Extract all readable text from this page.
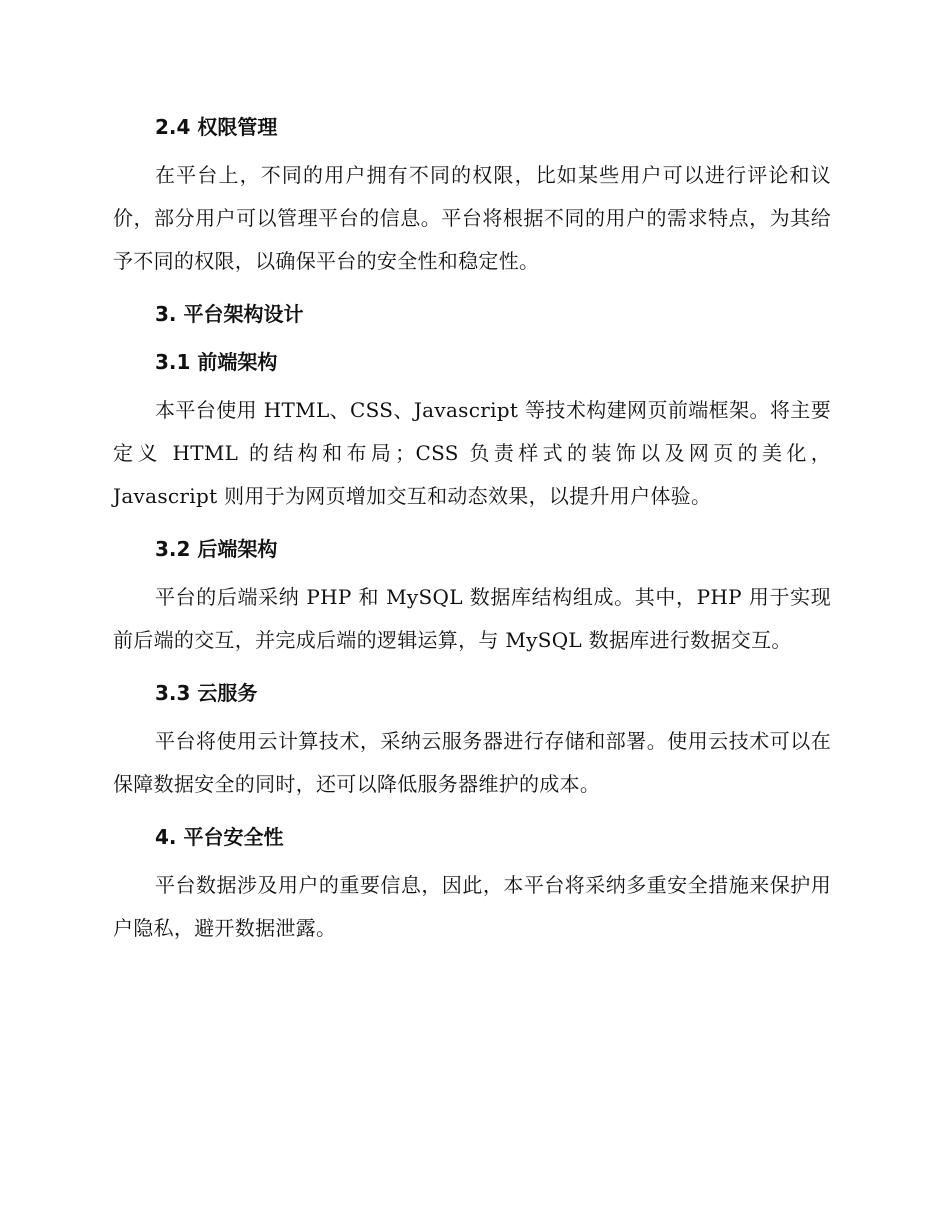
2.4 权限管理

在平台上，不同的用户拥有不同的权限，比如某些用户可以进行评论和议价，部分用户可以管理平台的信息。平台将根据不同的用户的需求特点，为其给予不同的权限，以确保平台的安全性和稳定性。

3. 平台架构设计
3.1 前端架构

本平台使用 HTML、CSS、Javascript 等技术构建网页前端框架。将主要定义 HTML 的结构和布局；CSS 负责样式的装饰以及网页的美化，Javascript 则用于为网页增加交互和动态效果，以提升用户体验。

3.2 后端架构

平台的后端采纳 PHP 和 MySQL 数据库结构组成。其中，PHP 用于实现前后端的交互，并完成后端的逻辑运算，与 MySQL 数据库进行数据交互。

3.3 云服务

平台将使用云计算技术，采纳云服务器进行存储和部署。使用云技术可以在保障数据安全的同时，还可以降低服务器维护的成本。

4. 平台安全性

平台数据涉及用户的重要信息，因此，本平台将采纳多重安全措施来保护用户隐私，避开数据泄露。
